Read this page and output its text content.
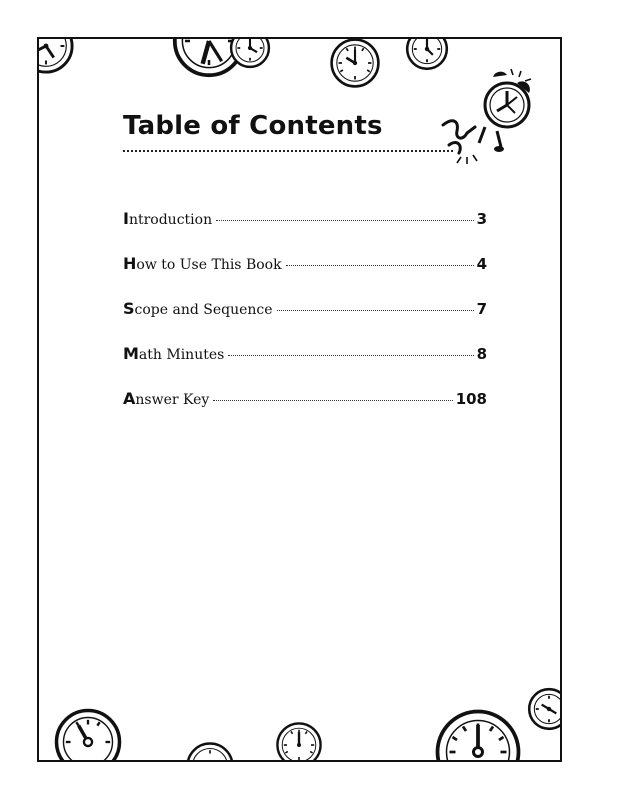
Table of Contents
I ntroduction	3
H ow to Use This Book	4
S cope and Sequence	7
M ath Minutes	8
A nswer Key	108
